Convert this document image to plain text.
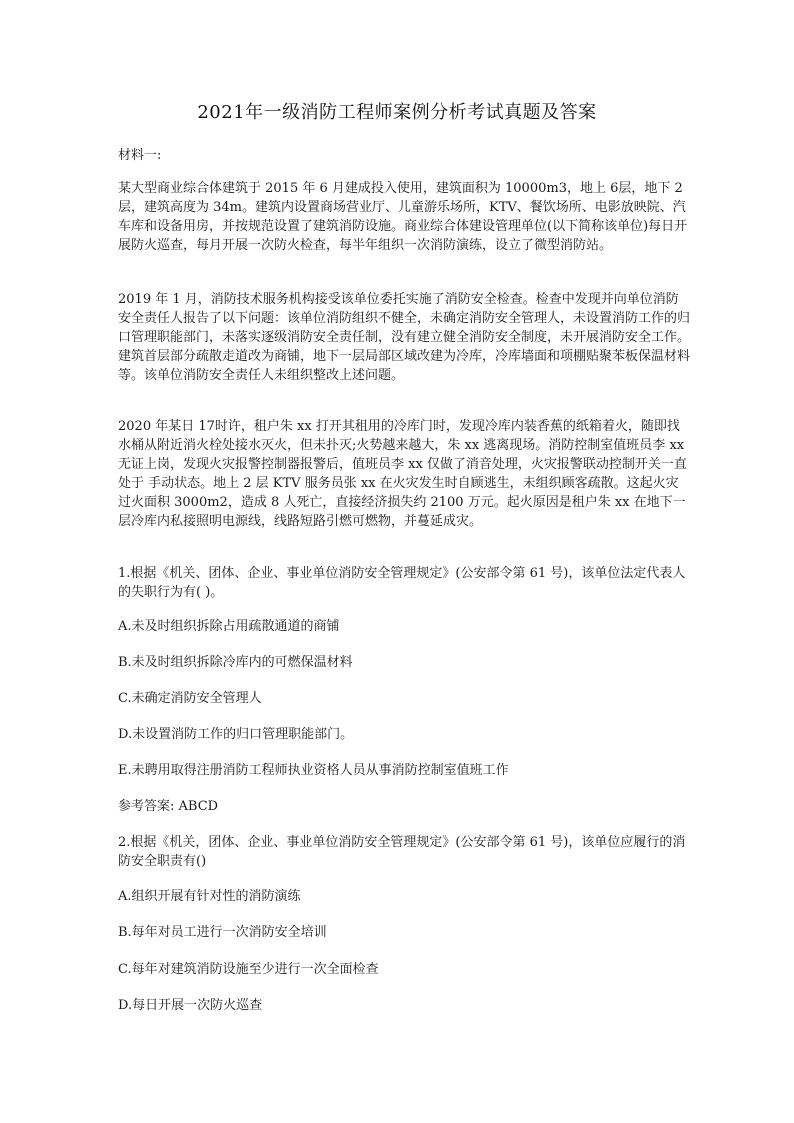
2021年一级消防工程师案例分析考试真题及答案

材料一:

某大型商业综合体建筑于 2015 年 6 月建成投入使用，建筑面积为 10000m3，地上 6层，地下 2层，建筑高度为 34m。建筑内设置商场营业厅、儿童游乐场所，KTV、餐饮场所、电影放映院、汽车库和设备用房，并按规范设置了建筑消防设施。商业综合体建设管理单位(以下简称该单位)每日开展防火巡查，每月开展一次防火检查，每半年组织一次消防演练，设立了微型消防站。

2019 年 1 月，消防技术服务机构接受该单位委托实施了消防安全检查。检查中发现并向单位消防安全责任人报告了以下问题：该单位消防组织不健全，未确定消防安全管理人，未设置消防工作的归口管理职能部门，未落实逐级消防安全责任制，没有建立健全消防安全制度，未开展消防安全工作。建筑首层部分疏散走道改为商铺，地下一层局部区域改建为冷库，冷库墙面和项棚贴聚苯板保温材料等。该单位消防安全责任人未组织整改上述问题。

2020 年某日 17时许，租户朱 xx 打开其租用的冷库门时，发现冷库内装香蕉的纸箱着火，随即找水桶从附近消火栓处接水灭火，但未扑灭;火势越来越大，朱 xx 逃离现场。消防控制室值班员李 xx 无证上岗，发现火灾报警控制器报警后，值班员李 xx 仅做了消音处理，火灾报警联动控制开关一直处于 手动状态。地上 2 层 KTV 服务员张 xx 在火灾发生时自顾逃生，未组织顾客疏散。这起火灾过火面积 3000m2，造成 8 人死亡，直接经济损失约 2100 万元。起火原因是租户朱 xx 在地下一层冷库内私接照明电源线，线路短路引燃可燃物，并蔓延成灾。

1.根据《机关、团体、企业、事业单位消防安全管理规定》(公安部令第 61 号)，该单位法定代表人的失职行为有( )。

A.未及时组织拆除占用疏散通道的商铺

B.未及时组织拆除冷库内的可燃保温材料

C.未确定消防安全管理人

D.未设置消防工作的归口管理职能部门。

E.未聘用取得注册消防工程师执业资格人员从事消防控制室值班工作

参考答案: ABCD

2.根据《机关，团体、企业、事业单位消防安全管理规定》(公安部令第 61 号)，该单位应履行的消防安全职责有()

A.组织开展有针对性的消防演练

B.每年对员工进行一次消防安全培训

C.每年对建筑消防设施至少进行一次全面检查

D.每日开展一次防火巡查
